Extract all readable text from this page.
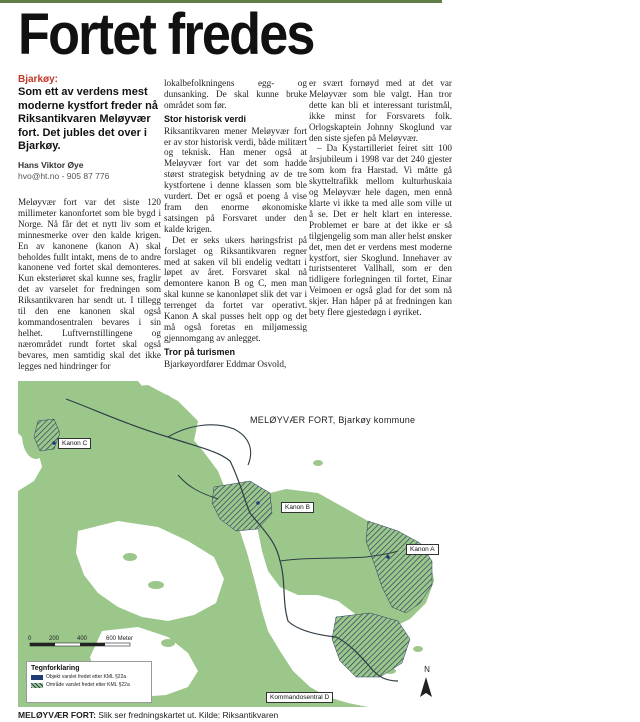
Fortet fredes
Bjarkøy:
Som ett av verdens mest moderne kystfort freder nå Riksantikvaren Meløyvær fort. Det jubles det over i Bjarkøy.
Hans Viktor Øye
hvo@ht.no - 905 87 776

Meløyvær fort var det siste 120 millimeter kanonfortet som ble bygd i Norge. Nå får det et nytt liv som et minnesmerke over den kalde krigen. En av kanonene (kanon A) skal beholdes fullt intakt, mens de to andre kanonene ved fortet skal demonteres. Kun eksteriøret skal kunne ses, fraglir det av varselet for fredningen som Riksantikvaren har sendt ut. I tillegg til den ene kanonen skal også kommandosentralen bevares i sin helhet. Luftvernstillingene og nærområdet rundt fortet skal også bevares, men samtidig skal det ikke legges ned hindringer for

lokalbefolkningens egg- og dunsanking. De skal kunne bruke området som før.

Stor historisk verdi

Riksantikvaren mener Meløyvær fort er av stor historisk verdi, både militært og teknisk. Han mener også at Meløyvær fort var det som hadde størst strategisk betydning av de tre kystfortene i denne klassen som ble vurdert. Det er også et poeng å vise fram den enorme økonomiske satsingen på Forsvaret under den kalde krigen.

Det er seks ukers høringsfrist på forslaget og Riksantikvaren regner med at saken vil bli endelig vedtatt i løpet av året. Forsvaret skal nå demontere kanon B og C, men man skal kunne se kanonløpet slik det var i terrenget da fortet var operativt. Kanon A skal pusses helt opp og det må også foretas en miljømessig gjennomgang av anlegget.

Tror på turismen

Bjarkøyordfører Eddmar Osvold,

er svært fornøyd med at det var Meløyvær som ble valgt. Han tror dette kan bli et interessant turistmål, ikke minst for Forsvarets folk. Orlogskaptein Johnny Skoglund var den siste sjefen på Meløyvær.

– Da Kystartilleriet feiret sitt 100 årsjubileum i 1998 var det 240 gjester som kom fra Harstad. Vi måtte gå skytteltrafikk mellom kulturhuskaia og Meløyvær hele dagen, men ennå klarte vi ikke ta med alle som ville ut å se. Det er helt klart en interesse. Problemet er bare at det ikke er så tilgjengelig som man aller helst ønsker det, men det er verdens mest moderne kystfort, sier Skoglund. Innehaver av turistsenteret Vallhall, som er den tidligere forlegningen til fortet, Einar Veimoen er også glad for det som nå skjer. Han håper på at fredningen kan bety flere gjestedøgn i øyriket.

MELØYVÆR FORT, Bjarkøy kommune
Kanon C
Kanon B
Kanon A
Kommandosentral D
0	200	400	600 Meter
Tegnforklaring
Objekt varslet fredet etter KML §22a
Område varslet fredet etter KML §22a
N
MELØYVÆR FORT: Slik ser fredningskartet ut. Kilde: Riksantikvaren
